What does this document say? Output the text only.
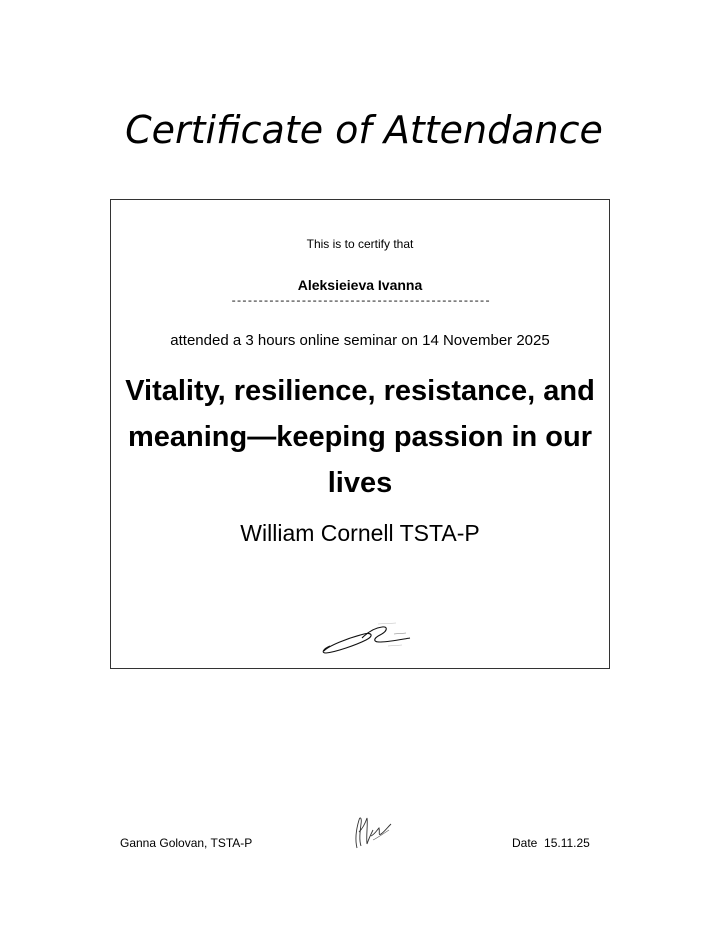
Certificate of Attendance
This is to certify that
Aleksieieva Ivanna
------------------------------------------------
attended a 3 hours online seminar on 14 November 2025
Vitality, resilience, resistance, and meaning—keeping passion in our lives
William Cornell TSTA-P
Ganna Golovan, TSTA-P	Date 15.11.25
